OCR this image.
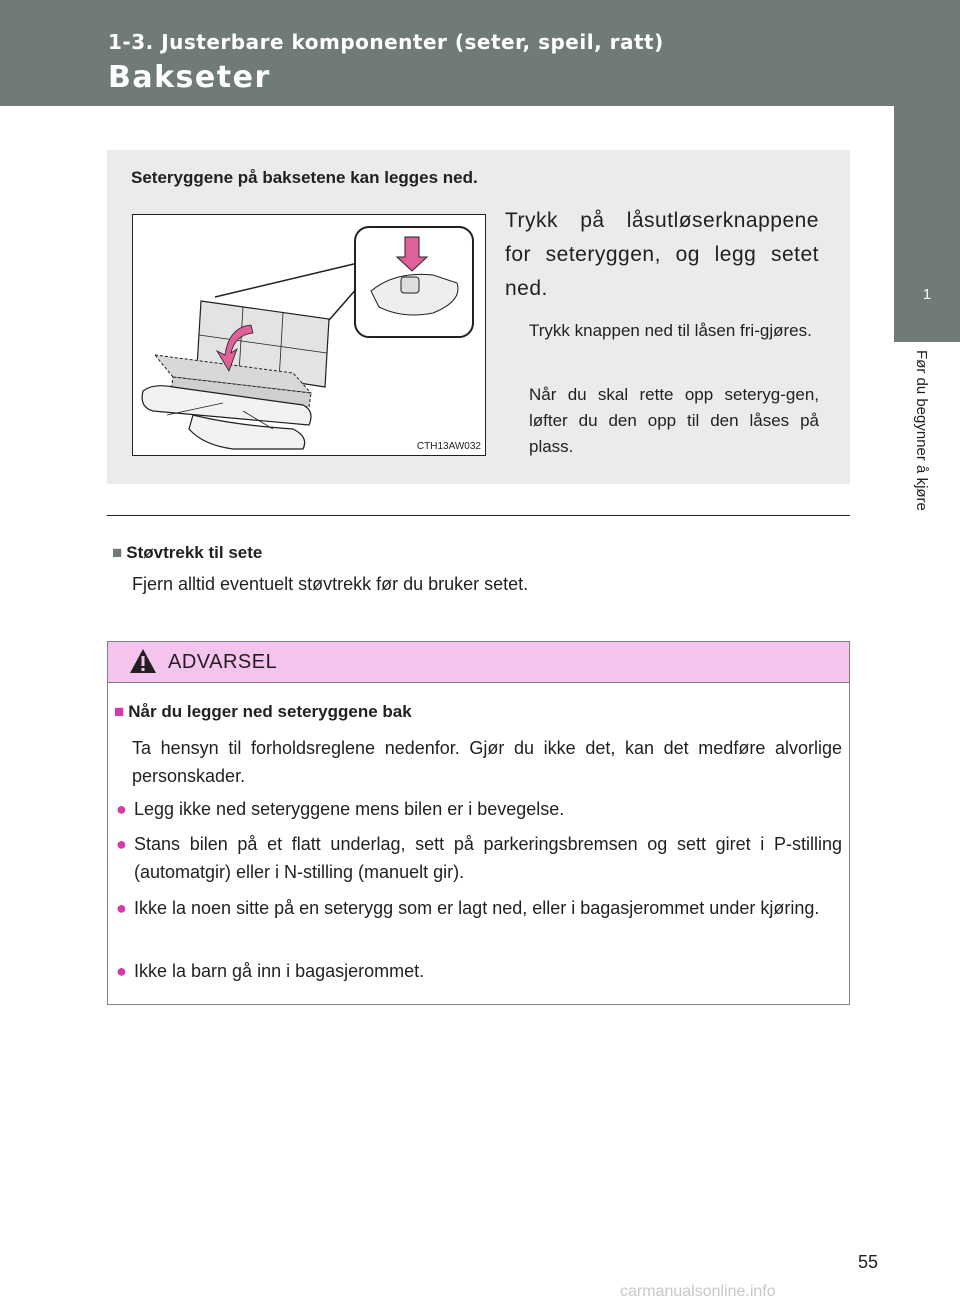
1-3. Justerbare komponenter (seter, speil, ratt)
Bakseter
1
Før du begynner å kjøre
Seteryggene på baksetene kan legges ned.
CTH13AW032
Trykk på låsutløserknappene for seteryggen, og legg setet ned.
Trykk knappen ned til låsen fri-gjøres.
Når du skal rette opp seteryg-gen, løfter du den opp til den låses på plass.
■ Støvtrekk til sete
Fjern alltid eventuelt støvtrekk før du bruker setet.
ADVARSEL
■ Når du legger ned seteryggene bak
Ta hensyn til forholdsreglene nedenfor. Gjør du ikke det, kan det medføre alvorlige personskader.
● Legg ikke ned seteryggene mens bilen er i bevegelse.
● Stans bilen på et flatt underlag, sett på parkeringsbremsen og sett giret i P-stilling (automatgir) eller i N-stilling (manuelt gir).
● Ikke la noen sitte på en seterygg som er lagt ned, eller i bagasjerommet under kjøring.
● Ikke la barn gå inn i bagasjerommet.
55
carmanualsonline.info
